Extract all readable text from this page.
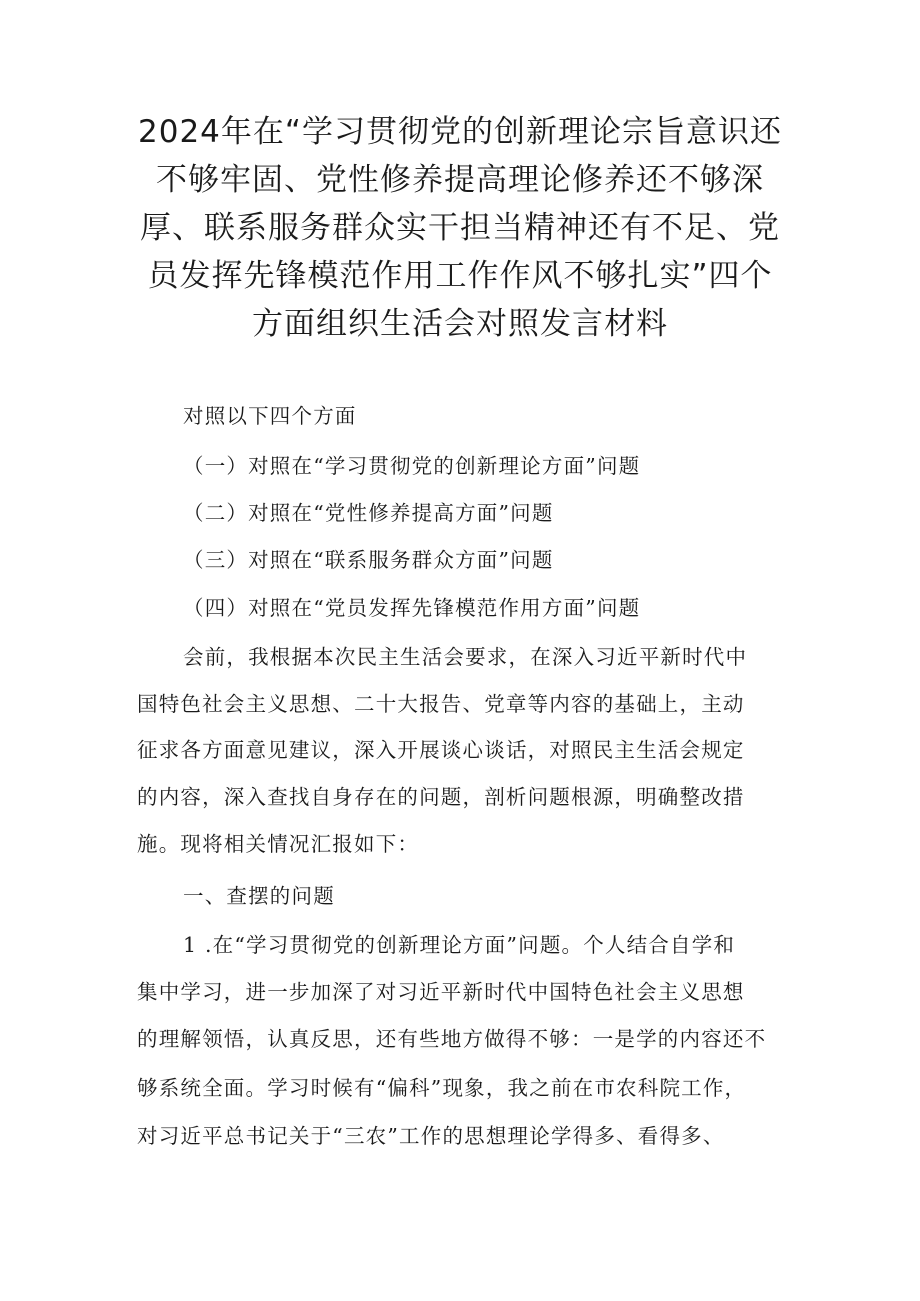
2024年在“学习贯彻党的创新理论宗旨意识还
不够牢固、党性修养提高理论修养还不够深
厚、联系服务群众实干担当精神还有不足、党
员发挥先锋模范作用工作作风不够扎实”四个
方面组织生活会对照发言材料
对照以下四个方面
（一）对照在“学习贯彻党的创新理论方面”问题
（二）对照在“党性修养提高方面”问题
（三）对照在“联系服务群众方面”问题
（四）对照在“党员发挥先锋模范作用方面”问题
会前，我根据本次民主生活会要求，在深入习近平新时代中
国特色社会主义思想、二十大报告、党章等内容的基础上，主动
征求各方面意见建议，深入开展谈心谈话，对照民主生活会规定
的内容，深入查找自身存在的问题，剖析问题根源，明确整改措
施。现将相关情况汇报如下：
一、查摆的问题
1 .在“学习贯彻党的创新理论方面”问题。个人结合自学和
集中学习，进一步加深了对习近平新时代中国特色社会主义思想
的理解领悟，认真反思，还有些地方做得不够：一是学的内容还不
够系统全面。学习时候有“偏科”现象，我之前在市农科院工作，
对习近平总书记关于“三农”工作的思想理论学得多、看得多、
